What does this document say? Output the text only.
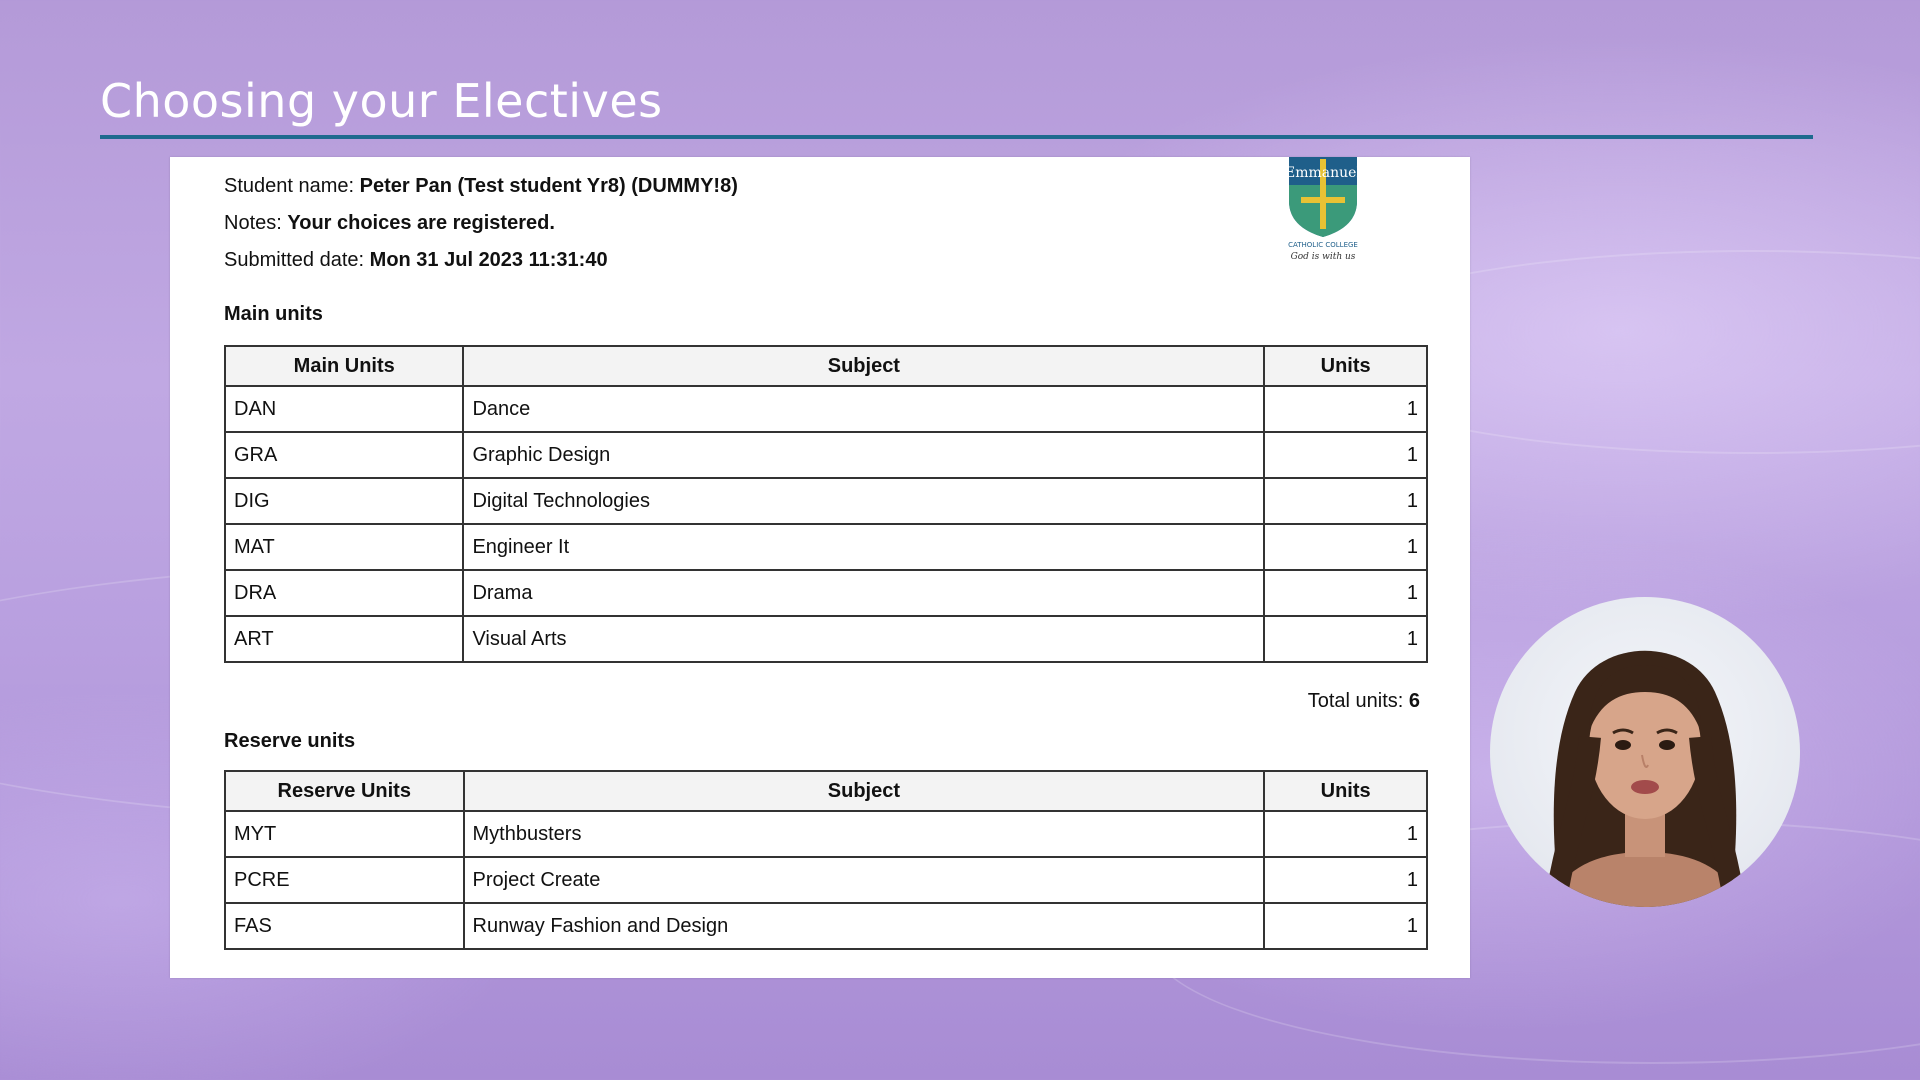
Choosing your Electives
Student name: Peter Pan (Test student Yr8) (DUMMY!8)
Notes: Your choices are registered.
Submitted date: Mon 31 Jul 2023 11:31:40
Emmanuel
CATHOLIC COLLEGE
God is with us
Main units
Main Units	Subject	Units
DAN	Dance	1
GRA	Graphic Design	1
DIG	Digital Technologies	1
MAT	Engineer It	1
DRA	Drama	1
ART	Visual Arts	1
Total units: 6
Reserve units
Reserve Units	Subject	Units
MYT	Mythbusters	1
PCRE	Project Create	1
FAS	Runway Fashion and Design	1
